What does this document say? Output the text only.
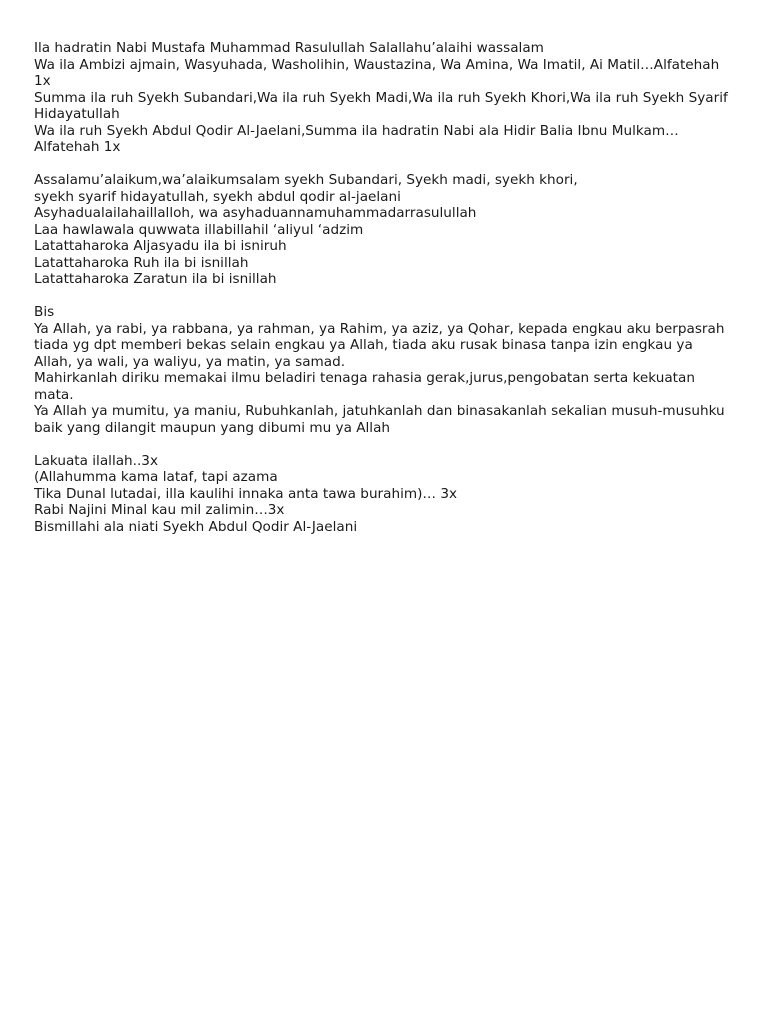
Ila hadratin Nabi Mustafa Muhammad Rasulullah Salallahu’alaihi wassalam
Wa ila Ambizi ajmain, Wasyuhada, Washolihin, Waustazina, Wa Amina, Wa Imatil, Ai Matil…Alfatehah 1x
Summa ila ruh Syekh Subandari,Wa ila ruh Syekh Madi,Wa ila ruh Syekh Khori,Wa ila ruh Syekh Syarif Hidayatullah
Wa ila ruh Syekh Abdul Qodir Al-Jaelani,Summa ila hadratin Nabi ala Hidir Balia Ibnu Mulkam… Alfatehah 1x
Assalamu’alaikum,wa’alaikumsalam syekh Subandari, Syekh madi, syekh khori,
syekh syarif hidayatullah, syekh abdul qodir al-jaelani
Asyhadualailahaillalloh, wa asyhaduannamuhammadarrasulullah
Laa hawlawala quwwata illabillahil ‘aliyul ‘adzim
Latattaharoka Aljasyadu ila bi isniruh
Latattaharoka Ruh ila bi isnillah
Latattaharoka Zaratun ila bi isnillah
Bis
Ya Allah, ya rabi, ya rabbana, ya rahman, ya Rahim, ya aziz, ya Qohar, kepada engkau aku berpasrah tiada yg dpt memberi bekas selain engkau ya Allah, tiada aku rusak binasa tanpa izin engkau ya Allah, ya wali, ya waliyu, ya matin, ya samad.
Mahirkanlah diriku memakai ilmu beladiri tenaga rahasia gerak,jurus,pengobatan serta kekuatan mata.
Ya Allah ya mumitu, ya maniu, Rubuhkanlah, jatuhkanlah dan binasakanlah sekalian musuh-musuhku baik yang dilangit maupun yang dibumi mu ya Allah
Lakuata ilallah..3x
(Allahumma kama lataf, tapi azama
Tika Dunal lutadai, illa kaulihi innaka anta tawa burahim)… 3x
Rabi Najini Minal kau mil zalimin…3x
Bismillahi ala niati Syekh Abdul Qodir Al-Jaelani
